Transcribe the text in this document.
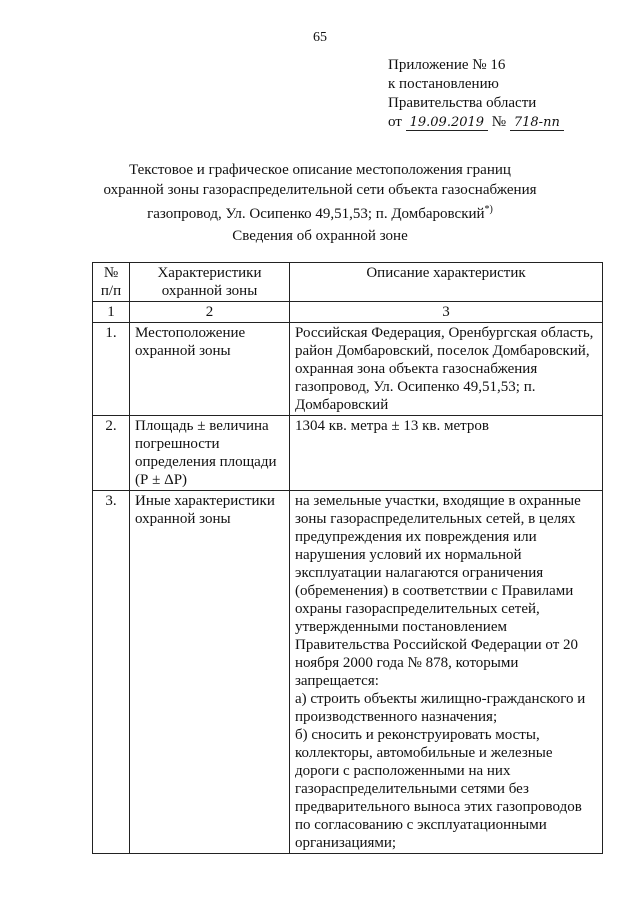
65
Приложение № 16
к постановлению
Правительства области
от 19.09.2019 № 718-пп
Текстовое и графическое описание местоположения границ
охранной зоны газораспределительной сети объекта газоснабжения
газопровод, Ул. Осипенко 49,51,53; п. Домбаровский*)
Сведения об охранной зоне
№ п/п	Характеристики охранной зоны	Описание характеристик
1	2	3
1.	Местоположение охранной зоны	Российская Федерация, Оренбургская область, район Домбаровский, поселок Домбаровский, охранная зона объекта газоснабжения газопровод, Ул. Осипенко 49,51,53; п. Домбаровский
2.	Площадь ± величина погрешности определения площади (Р ± ΔР)	1304 кв. метра ± 13 кв. метров
3.	Иные характеристики охранной зоны	на земельные участки, входящие в охранные зоны газораспределительных сетей, в целях предупреждения их повреждения или нарушения условий их нормальной эксплуатации налагаются ограничения (обременения) в соответствии с Правилами охраны газораспределительных сетей, утвержденными постановлением Правительства Российской Федерации от 20 ноября 2000 года № 878, которыми запрещается:
а) строить объекты жилищно-гражданского и производственного назначения;
б) сносить и реконструировать мосты, коллекторы, автомобильные и железные дороги с расположенными на них газораспределительными сетями без предварительного выноса этих газопроводов по согласованию с эксплуатационными организациями;
